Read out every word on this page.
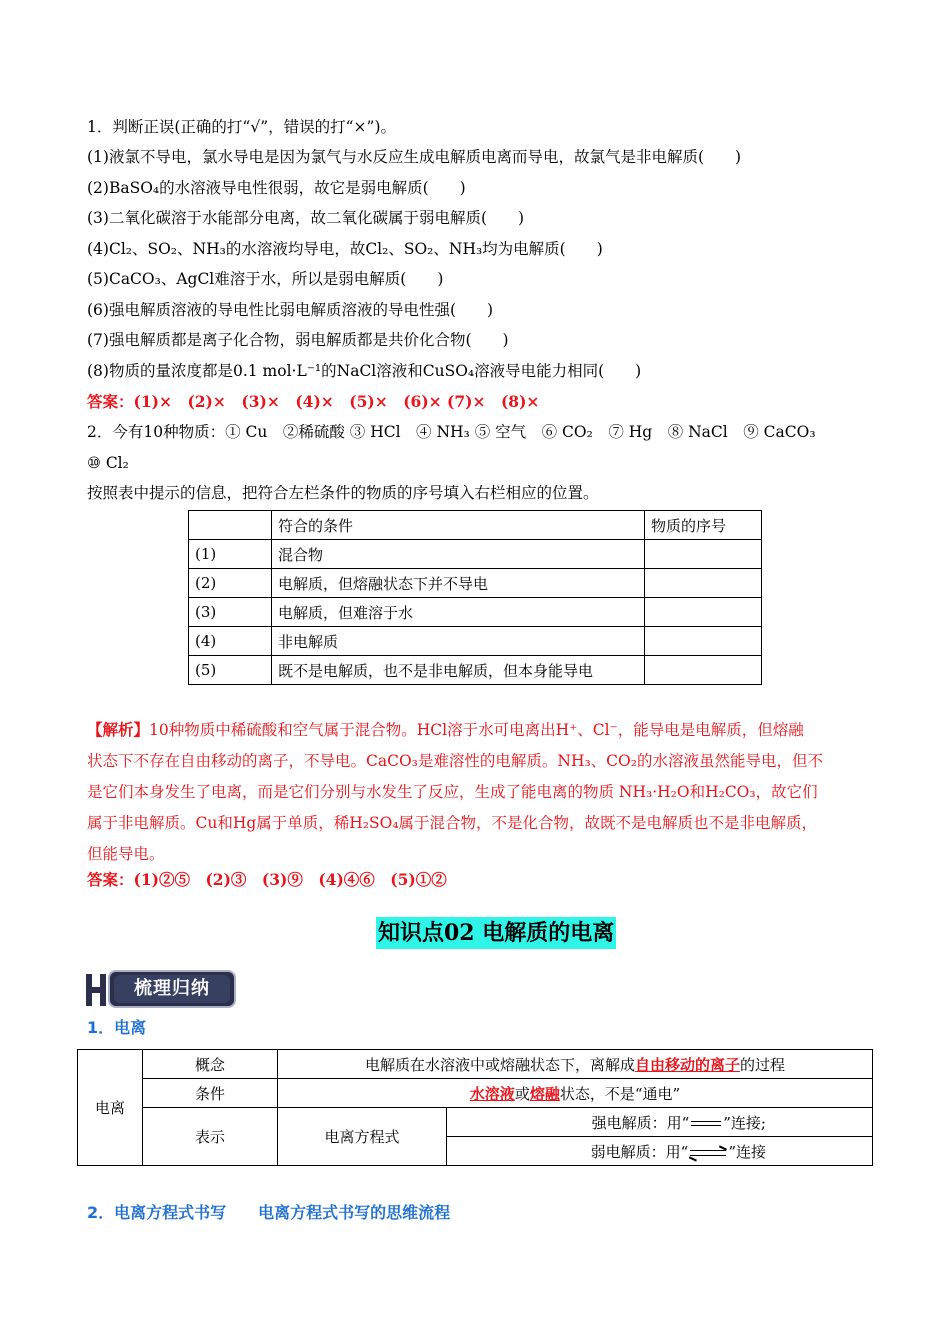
1．判断正误(正确的打“√”，错误的打“×”)。
(1)液氯不导电，氯水导电是因为氯气与水反应生成电解质电离而导电，故氯气是非电解质(　　)
(2)BaSO₄的水溶液导电性很弱，故它是弱电解质(　　)
(3)二氧化碳溶于水能部分电离，故二氧化碳属于弱电解质(　　)
(4)Cl₂、SO₂、NH₃的水溶液均导电，故Cl₂、SO₂、NH₃均为电解质(　　)
(5)CaCO₃、AgCl难溶于水，所以是弱电解质(　　)
(6)强电解质溶液的导电性比弱电解质溶液的导电性强(　　)
(7)强电解质都是离子化合物，弱电解质都是共价化合物(　　)
(8)物质的量浓度都是0.1 mol·L⁻¹的NaCl溶液和CuSO₄溶液导电能力相同(　　)
答案：(1)×　(2)×　(3)×　(4)×　(5)×　(6)× (7)×　(8)×
2．今有10种物质：① Cu　②稀硫酸 ③ HCl　④ NH₃ ⑤ 空气　⑥ CO₂　⑦ Hg　⑧ NaCl　⑨ CaCO₃
⑩ Cl₂
按照表中提示的信息，把符合左栏条件的物质的序号填入右栏相应的位置。
	符合的条件	物质的序号
(1)	混合物	
(2)	电解质，但熔融状态下并不导电	
(3)	电解质，但难溶于水	
(4)	非电解质	
(5)	既不是电解质，也不是非电解质，但本身能导电	
【解析】10种物质中稀硫酸和空气属于混合物。HCl溶于水可电离出H⁺、Cl⁻，能导电是电解质，但熔融
状态下不存在自由移动的离子，不导电。CaCO₃是难溶性的电解质。NH₃、CO₂的水溶液虽然能导电，但不
是它们本身发生了电离，而是它们分别与水发生了反应，生成了能电离的物质 NH₃·H₂O和H₂CO₃，故它们
属于非电解质。Cu和Hg属于单质，稀H₂SO₄属于混合物，不是化合物，故既不是电解质也不是非电解质，
但能导电。
答案：(1)②⑤　(2)③　(3)⑨　(4)④⑥　(5)①②
知识点02 电解质的电离
梳理归纳
1．电离
电离	概念	电解质在水溶液中或熔融状态下，离解成自由移动的离子的过程	
	条件	水溶液或熔融状态，不是“通电”	
	表示	电离方程式	强电解质：用“ ”连接;
			弱电解质：用“⇌”连接
2．电离方程式书写　　电离方程式书写的思维流程
